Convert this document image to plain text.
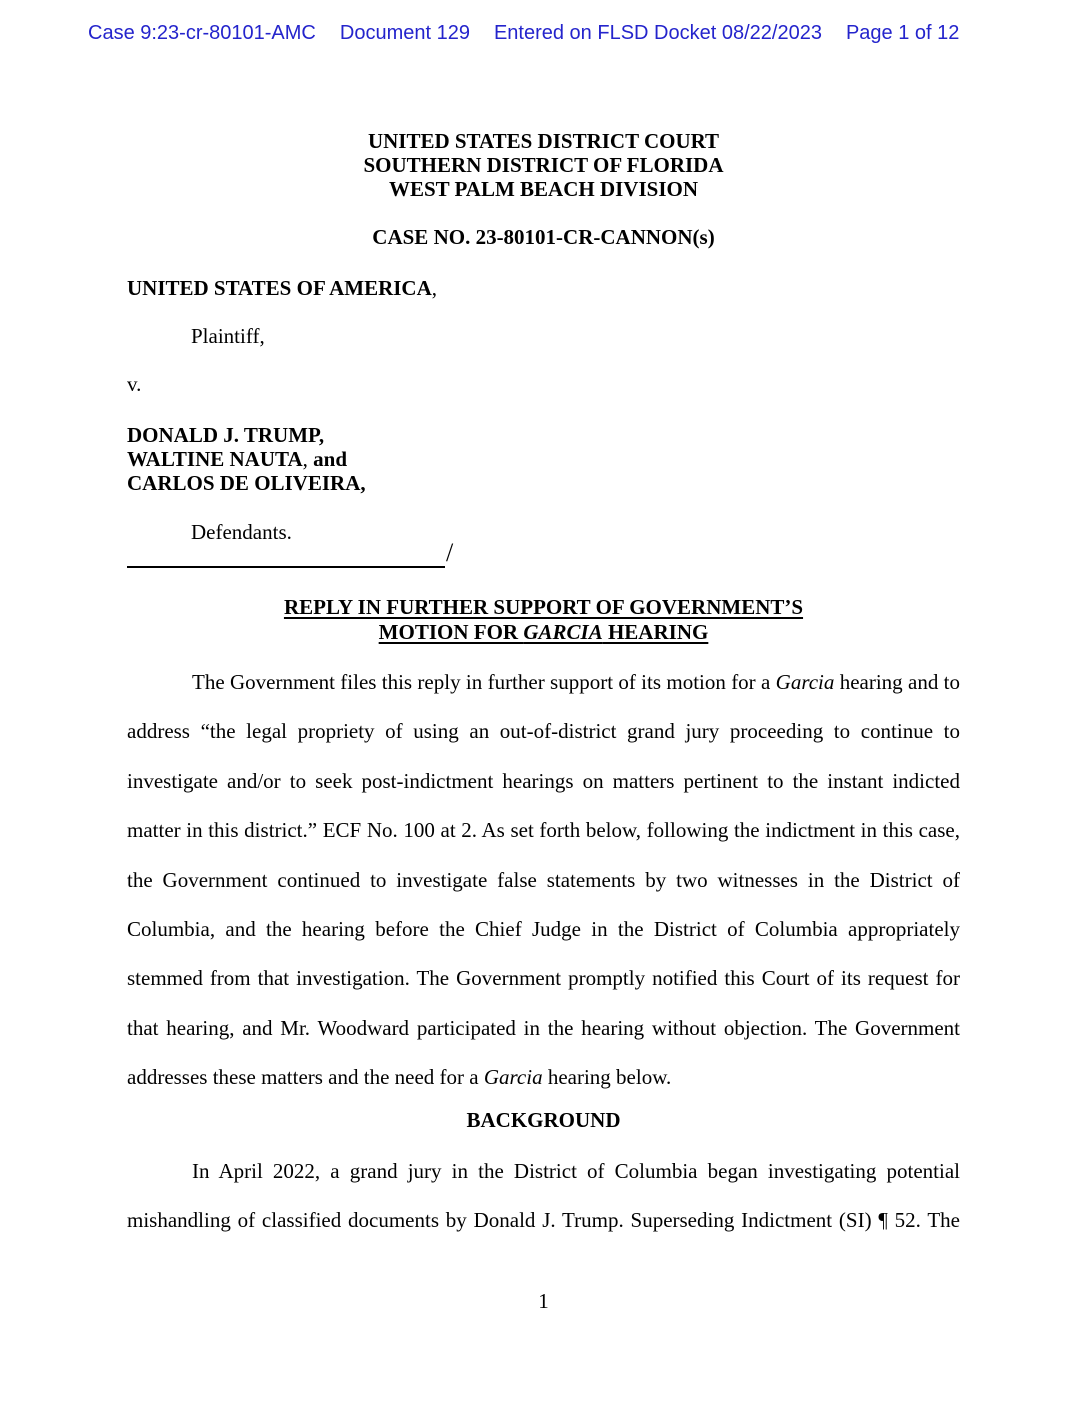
Case 9:23-cr-80101-AMC Document 129 Entered on FLSD Docket 08/22/2023 Page 1 of 12
UNITED STATES DISTRICT COURT
SOUTHERN DISTRICT OF FLORIDA
WEST PALM BEACH DIVISION
CASE NO. 23-80101-CR-CANNON(s)
UNITED STATES OF AMERICA,
Plaintiff,
v.
DONALD J. TRUMP,
WALTINE NAUTA, and
CARLOS DE OLIVEIRA,
Defendants.
/
REPLY IN FURTHER SUPPORT OF GOVERNMENT’S
MOTION FOR GARCIA HEARING
The Government files this reply in further support of its motion for a Garcia hearing and to address “the legal propriety of using an out-of-district grand jury proceeding to continue to investigate and/or to seek post-indictment hearings on matters pertinent to the instant indicted matter in this district.” ECF No. 100 at 2. As set forth below, following the indictment in this case, the Government continued to investigate false statements by two witnesses in the District of Columbia, and the hearing before the Chief Judge in the District of Columbia appropriately stemmed from that investigation. The Government promptly notified this Court of its request for that hearing, and Mr. Woodward participated in the hearing without objection. The Government addresses these matters and the need for a Garcia hearing below.
BACKGROUND
In April 2022, a grand jury in the District of Columbia began investigating potential mishandling of classified documents by Donald J. Trump. Superseding Indictment (SI) ¶ 52. The
1
